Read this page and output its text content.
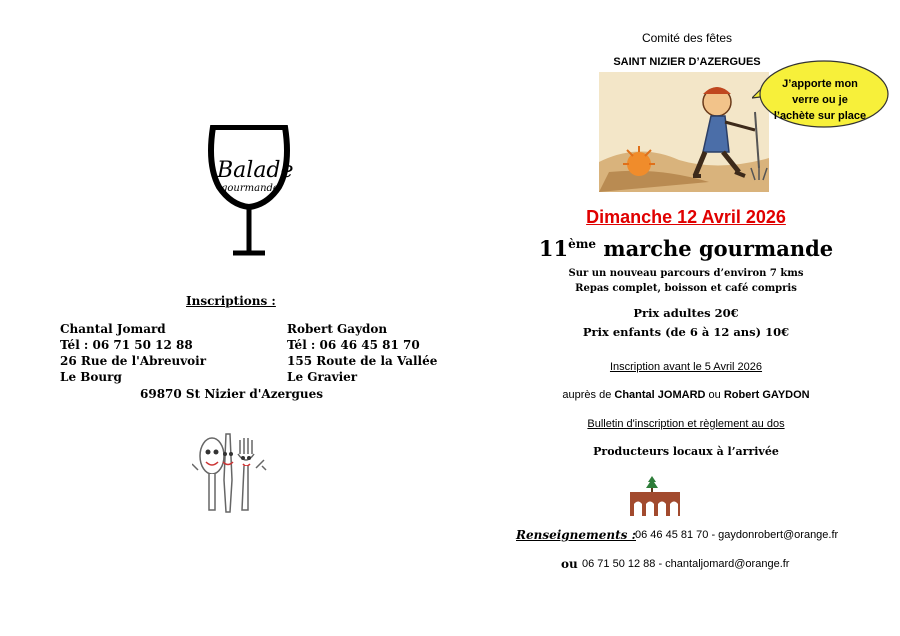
Balade
gourmande
Inscriptions :
Chantal Jomard
Tél : 06 71 50 12 88
26 Rue de l'Abreuvoir
Le Bourg
Robert Gaydon
Tél : 06 46 45 81 70
155 Route de la Vallée
Le Gravier
69870 St Nizier d'Azergues
Comité des fêtes
SAINT NIZIER D’AZERGUES
J’apporte mon
verre ou je
l’achète sur place
Dimanche 12 Avril 2026
11ème marche gourmande
Sur un nouveau parcours d’environ 7 kms
Repas complet, boisson et café compris
Prix adultes 20€
Prix enfants (de 6 à 12 ans) 10€
Inscription avant le 5 Avril 2026
auprès de Chantal JOMARD ou Robert GAYDON
Bulletin d'inscription et règlement au dos
Producteurs locaux à l’arrivée
Renseignements : 06 46 45 81 70 - gaydonrobert@orange.fr
ou 06 71 50 12 88 - chantaljomard@orange.fr
